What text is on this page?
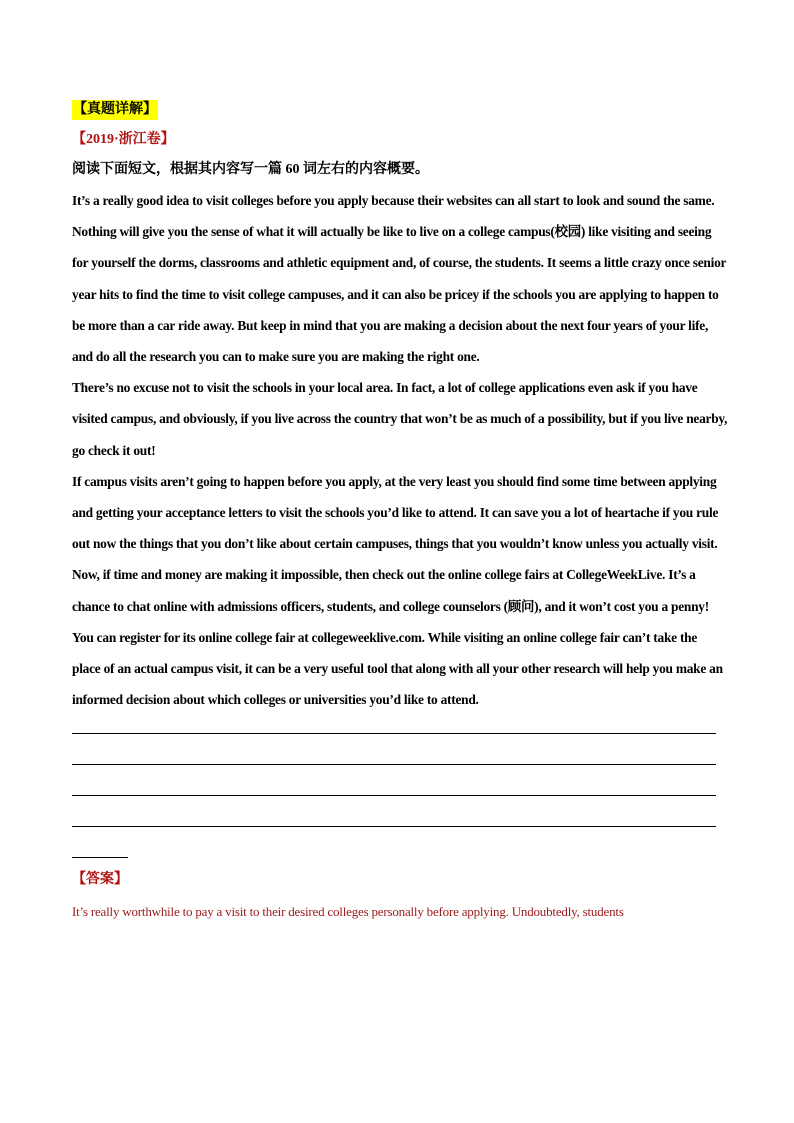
【真题详解】
【2019·浙江卷】
阅读下面短文，根据其内容写一篇 60 词左右的内容概要。

It’s a really good idea to visit colleges before you apply because their websites can all start to look and sound the same. Nothing will give you the sense of what it will actually be like to live on a college campus(校园) like visiting and seeing for yourself the dorms, classrooms and athletic equipment and, of course, the students. It seems a little crazy once senior year hits to find the time to visit college campuses, and it can also be pricey if the schools you are applying to happen to be more than a car ride away. But keep in mind that you are making a decision about the next four years of your life, and do all the research you can to make sure you are making the right one.

There’s no excuse not to visit the schools in your local area. In fact, a lot of college applications even ask if you have visited campus, and obviously, if you live across the country that won’t be as much of a possibility, but if you live nearby, go check it out!

If campus visits aren’t going to happen before you apply, at the very least you should find some time between applying and getting your acceptance letters to visit the schools you’d like to attend. It can save you a lot of heartache if you rule out now the things that you don’t like about certain campuses, things that you wouldn’t know unless you actually visit.

Now, if time and money are making it impossible, then check out the online college fairs at CollegeWeekLive. It’s a chance to chat online with admissions officers, students, and college counselors (顾问), and it won’t cost you a penny! You can register for its online college fair at collegeweeklive.com. While visiting an online college fair can’t take the place of an actual campus visit, it can be a very useful tool that along with all your other research will help you make an informed decision about which colleges or universities you’d like to attend.

【答案】
It’s really worthwhile to pay a visit to their desired colleges personally before applying. Undoubtedly, students
